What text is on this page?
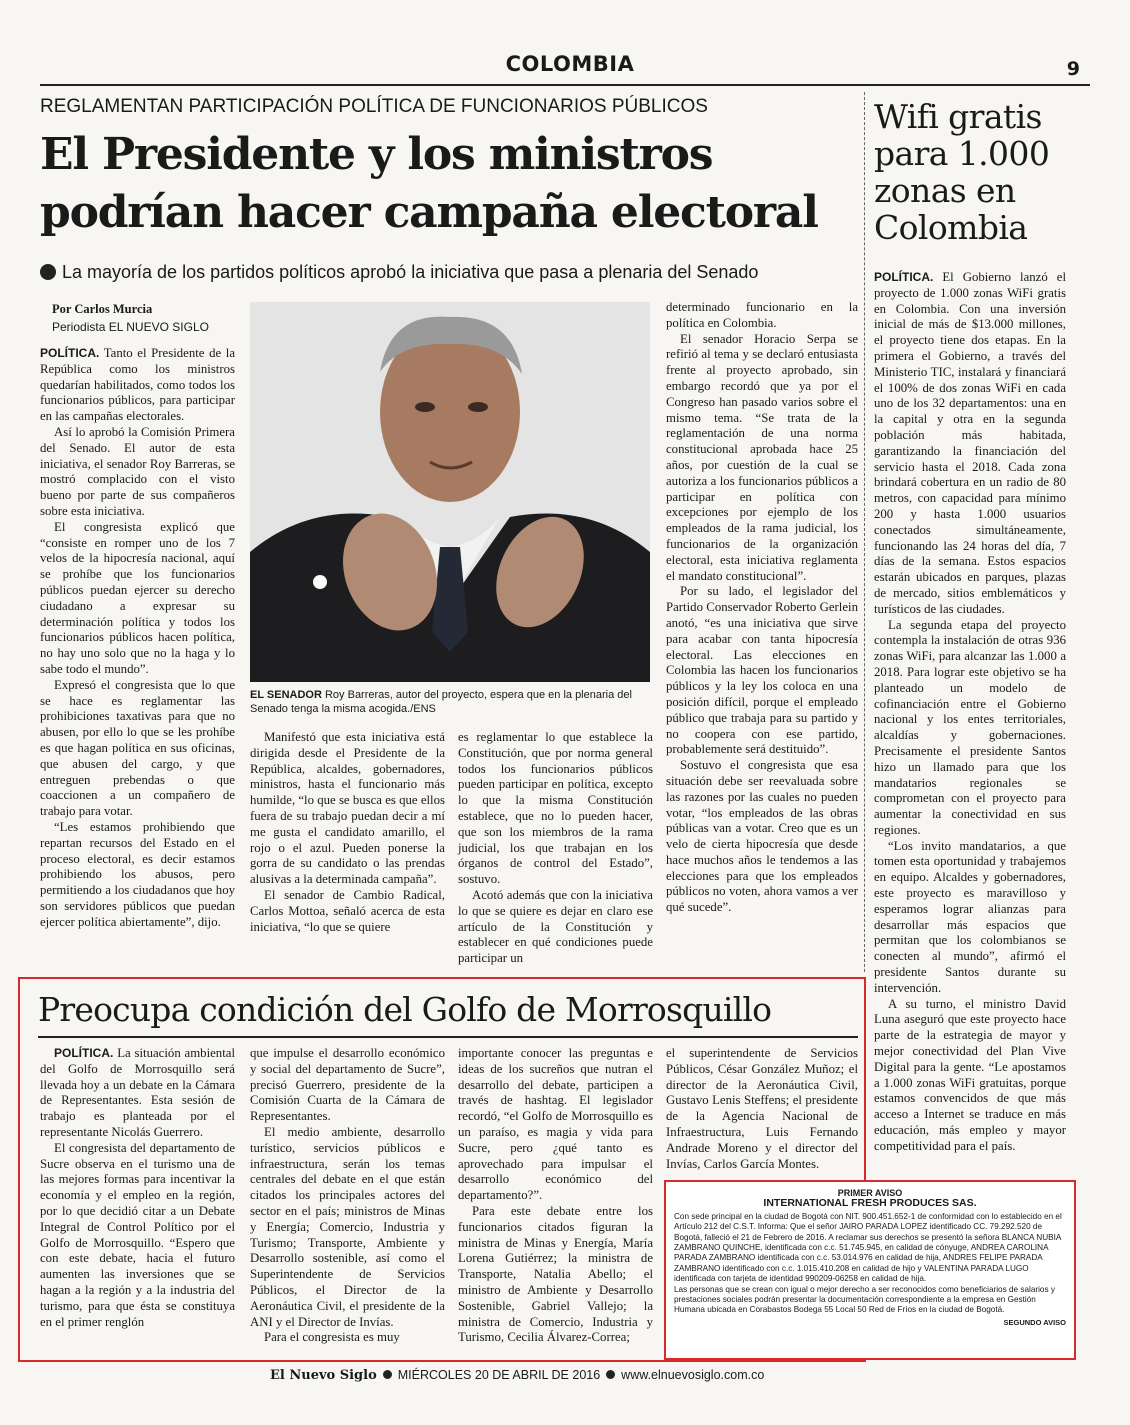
COLOMBIA	9
REGLAMENTAN PARTICIPACIÓN POLÍTICA DE FUNCIONARIOS PÚBLICOS
El Presidente y los ministros podrían hacer campaña electoral
La mayoría de los partidos políticos aprobó la iniciativa que pasa a plenaria del Senado
Por Carlos Murcia
Periodista EL NUEVO SIGLO

POLÍTICA. Tanto el Presidente de la República como los ministros quedarían habilitados, como todos los funcionarios públicos, para participar en las campañas electorales.

Así lo aprobó la Comisión Primera del Senado. El autor de esta iniciativa, el senador Roy Barreras, se mostró complacido con el visto bueno por parte de sus compañeros sobre esta iniciativa.

El congresista explicó que “consiste en romper uno de los 7 velos de la hipocresía nacional, aquí se prohíbe que los funcionarios públicos puedan ejercer su derecho ciudadano a expresar su determinación política y todos los funcionarios públicos hacen política, no hay uno solo que no la haga y lo sabe todo el mundo”.

Expresó el congresista que lo que se hace es reglamentar las prohibiciones taxativas para que no abusen, por ello lo que se les prohíbe es que hagan política en sus oficinas, que abusen del cargo, y que entreguen prebendas o que coaccionen a un compañero de trabajo para votar.

“Les estamos prohibiendo que repartan recursos del Estado en el proceso electoral, es decir estamos prohibiendo los abusos, pero permitiendo a los ciudadanos que hoy son servidores públicos que puedan ejercer política abiertamente”, dijo.

EL SENADOR Roy Barreras, autor del proyecto, espera que en la plenaria del Senado tenga la misma acogida./ENS

Manifestó que esta iniciativa está dirigida desde el Presidente de la República, alcaldes, gobernadores, ministros, hasta el funcionario más humilde, “lo que se busca es que ellos fuera de su trabajo puedan decir a mí me gusta el candidato amarillo, el rojo o el azul. Pueden ponerse la gorra de su candidato o las prendas alusivas a la determinada campaña”.

El senador de Cambio Radical, Carlos Mottoa, señaló acerca de esta iniciativa, “lo que se quiere

es reglamentar lo que establece la Constitución, que por norma general todos los funcionarios públicos pueden participar en política, excepto lo que la misma Constitución establece, que no lo pueden hacer, que son los miembros de la rama judicial, los que trabajan en los órganos de control del Estado”, sostuvo.

Acotó además que con la iniciativa lo que se quiere es dejar en claro ese artículo de la Constitución y establecer en qué condiciones puede participar un

determinado funcionario en la política en Colombia.

El senador Horacio Serpa se refirió al tema y se declaró entusiasta frente al proyecto aprobado, sin embargo recordó que ya por el Congreso han pasado varios sobre el mismo tema. “Se trata de la reglamentación de una norma constitucional aprobada hace 25 años, por cuestión de la cual se autoriza a los funcionarios públicos a participar en política con excepciones por ejemplo de los empleados de la rama judicial, los funcionarios de la organización electoral, esta iniciativa reglamenta el mandato constitucional”.

Por su lado, el legislador del Partido Conservador Roberto Gerlein anotó, “es una iniciativa que sirve para acabar con tanta hipocresía electoral. Las elecciones en Colombia las hacen los funcionarios públicos y la ley los coloca en una posición difícil, porque el empleado público que trabaja para su partido y no coopera con ese partido, probablemente será destituido”.

Sostuvo el congresista que esa situación debe ser reevaluada sobre las razones por las cuales no pueden votar, “los empleados de las obras públicas van a votar. Creo que es un velo de cierta hipocresía que desde hace muchos años le tendemos a las elecciones para que los empleados públicos no voten, ahora vamos a ver qué sucede”.

Wifi gratis para 1.000 zonas en Colombia

POLÍTICA. El Gobierno lanzó el proyecto de 1.000 zonas WiFi gratis en Colombia. Con una inversión inicial de más de $13.000 millones, el proyecto tiene dos etapas. En la primera el Gobierno, a través del Ministerio TIC, instalará y financiará el 100% de dos zonas WiFi en cada uno de los 32 departamentos: una en la capital y otra en la segunda población más habitada, garantizando la financiación del servicio hasta el 2018. Cada zona brindará cobertura en un radio de 80 metros, con capacidad para mínimo 200 y hasta 1.000 usuarios conectados simultáneamente, funcionando las 24 horas del día, 7 días de la semana. Estos espacios estarán ubicados en parques, plazas de mercado, sitios emblemáticos y turísticos de las ciudades.

La segunda etapa del proyecto contempla la instalación de otras 936 zonas WiFi, para alcanzar las 1.000 a 2018. Para lograr este objetivo se ha planteado un modelo de cofinanciación entre el Gobierno nacional y los entes territoriales, alcaldías y gobernaciones. Precisamente el presidente Santos hizo un llamado para que los mandatarios regionales se comprometan con el proyecto para aumentar la conectividad en sus regiones.

“Los invito mandatarios, a que tomen esta oportunidad y trabajemos en equipo. Alcaldes y gobernadores, este proyecto es maravilloso y esperamos lograr alianzas para desarrollar más espacios que permitan que los colombianos se conecten al mundo”, afirmó el presidente Santos durante su intervención.

A su turno, el ministro David Luna aseguró que este proyecto hace parte de la estrategia de mayor y mejor conectividad del Plan Vive Digital para la gente. “Le apostamos a 1.000 zonas WiFi gratuitas, porque estamos convencidos de que más acceso a Internet se traduce en más educación, más empleo y mayor competitividad para el país.

Preocupa condición del Golfo de Morrosquillo

POLÍTICA. La situación ambiental del Golfo de Morrosquillo será llevada hoy a un debate en la Cámara de Representantes. Esta sesión de trabajo es planteada por el representante Nicolás Guerrero.

El congresista del departamento de Sucre observa en el turismo una de las mejores formas para incentivar la economía y el empleo en la región, por lo que decidió citar a un Debate Integral de Control Político por el Golfo de Morrosquillo. “Espero que con este debate, hacia el futuro aumenten las inversiones que se hagan a la región y a la industria del turismo, para que ésta se constituya en el primer renglón

que impulse el desarrollo económico y social del departamento de Sucre”, precisó Guerrero, presidente de la Comisión Cuarta de la Cámara de Representantes.

El medio ambiente, desarrollo turístico, servicios públicos e infraestructura, serán los temas centrales del debate en el que están citados los principales actores del sector en el país; ministros de Minas y Energía; Comercio, Industria y Turismo; Transporte, Ambiente y Desarrollo sostenible, así como el Superintendente de Servicios Públicos, el Director de la Aeronáutica Civil, el presidente de la ANI y el Director de Invías.

Para el congresista es muy

importante conocer las preguntas e ideas de los sucreños que nutran el desarrollo del debate, participen a través de hashtag. El legislador recordó, “el Golfo de Morrosquillo es un paraíso, es magia y vida para Sucre, pero ¿qué tanto es aprovechado para impulsar el desarrollo económico del departamento?”.

Para este debate entre los funcionarios citados figuran la ministra de Minas y Energía, María Lorena Gutiérrez; la ministra de Transporte, Natalia Abello; el ministro de Ambiente y Desarrollo Sostenible, Gabriel Vallejo; la ministra de Comercio, Industria y Turismo, Cecilia Álvarez-Correa;

el superintendente de Servicios Públicos, César González Muñoz; el director de la Aeronáutica Civil, Gustavo Lenis Steffens; el presidente de la Agencia Nacional de Infraestructura, Luis Fernando Andrade Moreno y el director del Invías, Carlos García Montes.

PRIMER AVISO
INTERNATIONAL FRESH PRODUCES SAS.
Con sede principal en la ciudad de Bogotá con NIT. 900.451.652-1 de conformidad con lo establecido en el Artículo 212 del C.S.T. Informa: Que el señor JAIRO PARADA LOPEZ identificado CC. 79.292.520 de Bogotá, falleció el 21 de Febrero de 2016. A reclamar sus derechos se presentó la señora BLANCA NUBIA ZAMBRANO QUINCHE, identificada con c.c. 51.745.945, en calidad de cónyuge, ANDREA CAROLINA PARADA ZAMBRANO identificada con c.c. 53.014.976 en calidad de hija, ANDRES FELIPE PARADA ZAMBRANO identificado con c.c. 1.015.410.208 en calidad de hijo y VALENTINA PARADA LUGO identificada con tarjeta de identidad 990209-06258 en calidad de hija.
Las personas que se crean con igual o mejor derecho a ser reconocidos como beneficiarios de salarios y prestaciones sociales podrán presentar la documentación correspondiente a la empresa en Gestión Humana ubicada en Corabastos Bodega 55 Local 50 Red de Fríos en la ciudad de Bogotá.
SEGUNDO AVISO
El Nuevo Siglo MIÉRCOLES 20 DE ABRIL DE 2016 www.elnuevosiglo.com.co
